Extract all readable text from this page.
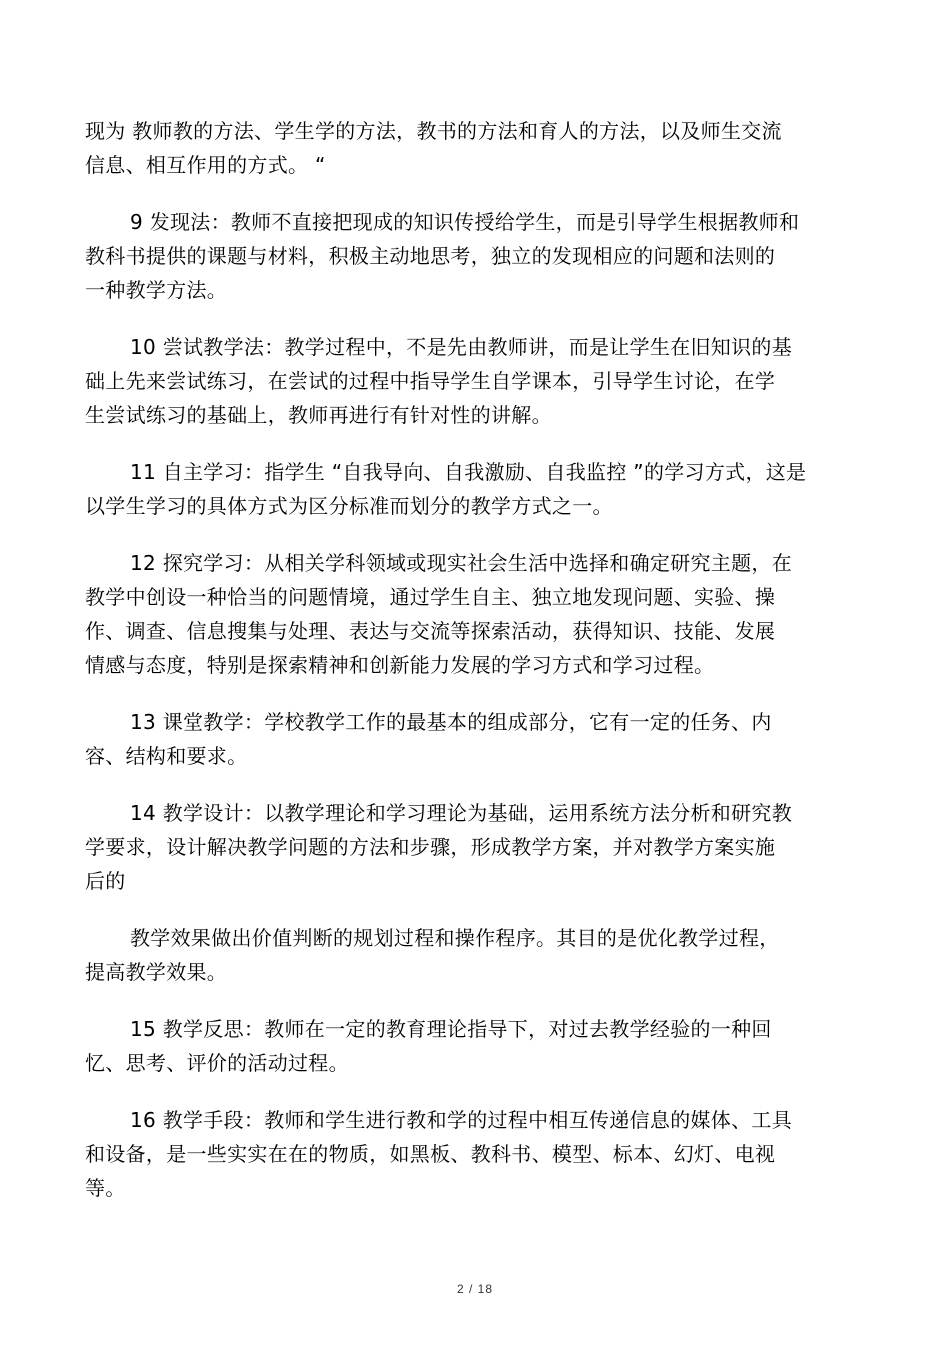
现为 教师教的方法、学生学的方法，教书的方法和育人的方法，以及师生交流
信息、相互作用的方式。 “
9 发现法：教师不直接把现成的知识传授给学生，而是引导学生根据教师和
教科书提供的课题与材料，积极主动地思考，独立的发现相应的问题和法则的
一种教学方法。
10 尝试教学法：教学过程中，不是先由教师讲，而是让学生在旧知识的基
础上先来尝试练习，在尝试的过程中指导学生自学课本，引导学生讨论，在学
生尝试练习的基础上，教师再进行有针对性的讲解。
11 自主学习：指学生 “自我导向、自我激励、自我监控 ”的学习方式，这是
以学生学习的具体方式为区分标准而划分的教学方式之一。
12 探究学习：从相关学科领域或现实社会生活中选择和确定研究主题，在
教学中创设一种恰当的问题情境，通过学生自主、独立地发现问题、实验、操
作、调查、信息搜集与处理、表达与交流等探索活动，获得知识、技能、发展
情感与态度，特别是探索精神和创新能力发展的学习方式和学习过程。
13 课堂教学：学校教学工作的最基本的组成部分，它有一定的任务、内
容、结构和要求。
14 教学设计：以教学理论和学习理论为基础，运用系统方法分析和研究教
学要求，设计解决教学问题的方法和步骤，形成教学方案，并对教学方案实施
后的
教学效果做出价值判断的规划过程和操作程序。其目的是优化教学过程，
提高教学效果。
15 教学反思：教师在一定的教育理论指导下，对过去教学经验的一种回
忆、思考、评价的活动过程。
16 教学手段：教师和学生进行教和学的过程中相互传递信息的媒体、工具
和设备，是一些实实在在的物质，如黑板、教科书、模型、标本、幻灯、电视
等。
2 / 18
